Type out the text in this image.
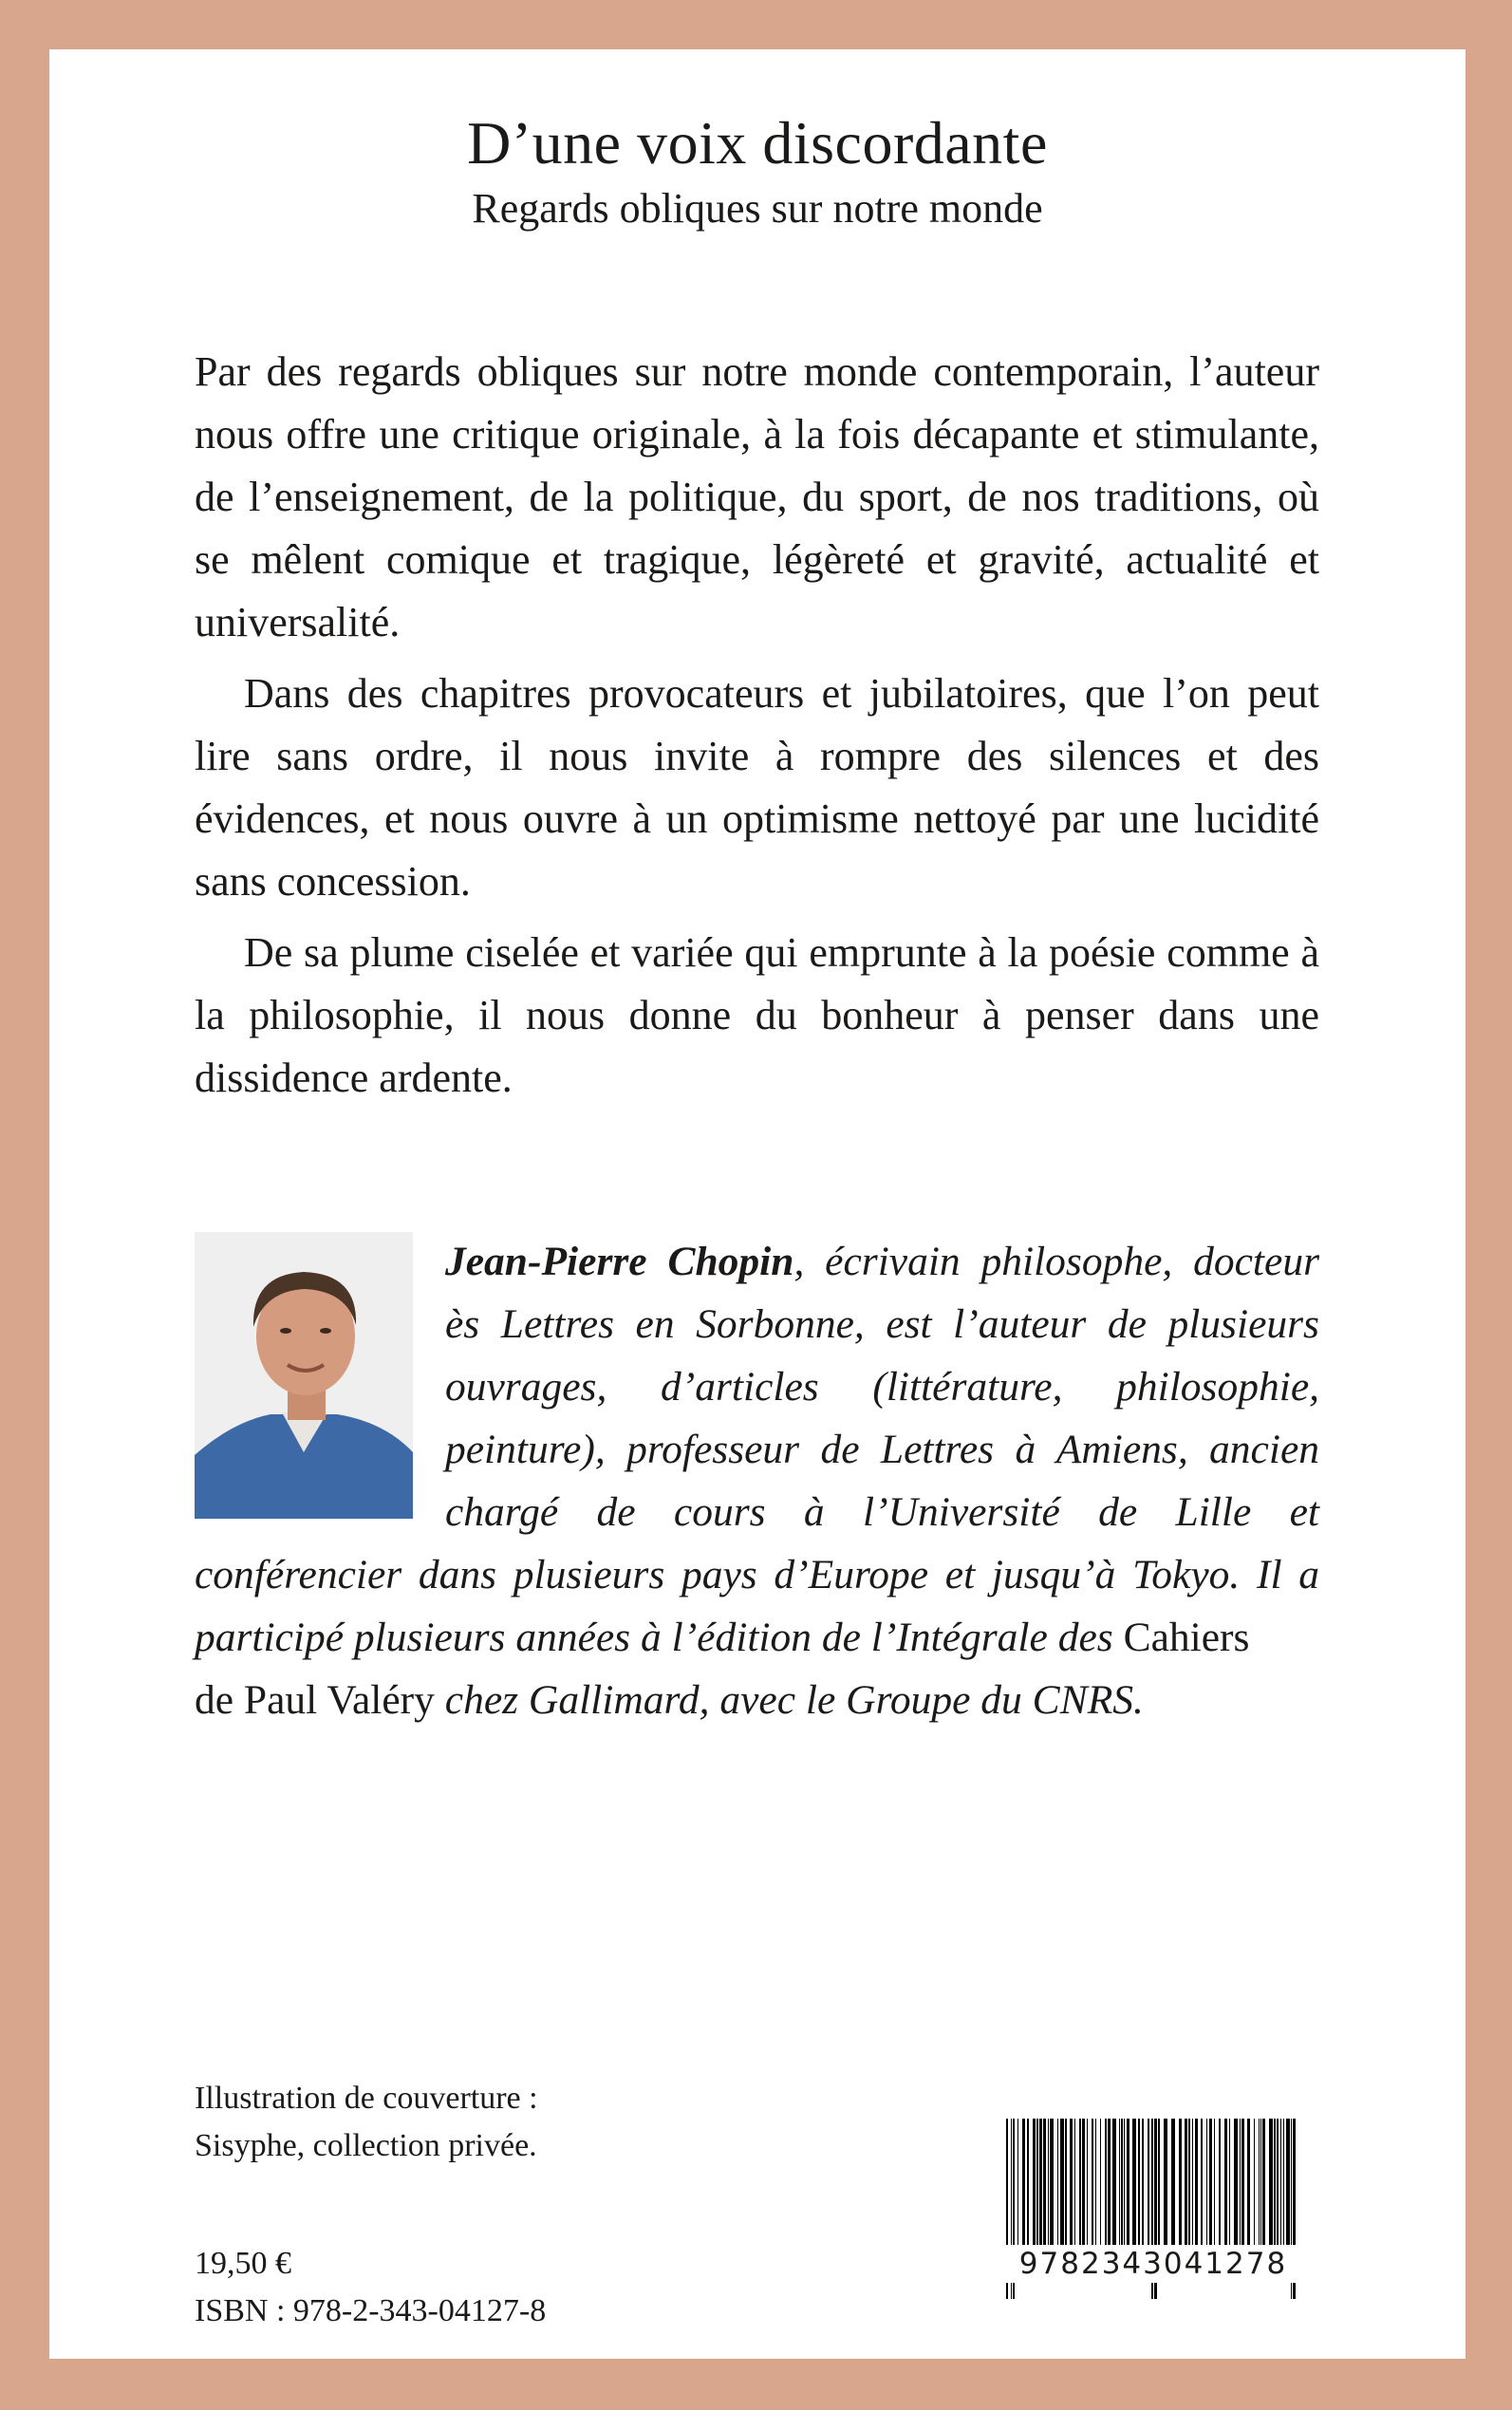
D’une voix discordante
Regards obliques sur notre monde

Par des regards obliques sur notre monde contemporain, l’auteur nous offre une critique originale, à la fois décapante et stimulante, de l’enseignement, de la politique, du sport, de nos traditions, où se mêlent comique et tragique, légèreté et gravité, actualité et universalité.

Dans des chapitres provocateurs et jubilatoires, que l’on peut lire sans ordre, il nous invite à rompre des silences et des évidences, et nous ouvre à un optimisme nettoyé par une lucidité sans concession.

De sa plume ciselée et variée qui emprunte à la poésie comme à la philosophie, il nous donne du bonheur à penser dans une dissidence ardente.

Jean-Pierre Chopin, écrivain philosophe, docteur ès Lettres en Sorbonne, est l’auteur de plusieurs ouvrages, d’articles (littérature, philosophie, peinture), professeur de Lettres à Amiens, ancien chargé de cours à l’Université de Lille et conférencier dans plusieurs pays d’Europe et jusqu’à Tokyo. Il a participé plusieurs années à l’édition de l’Intégrale des Cahiers
de Paul Valéry chez Gallimard, avec le Groupe du CNRS.
Illustration de couverture :
Sisyphe, collection privée.
19,50 €
ISBN : 978-2-343-04127-8
9782343041278
